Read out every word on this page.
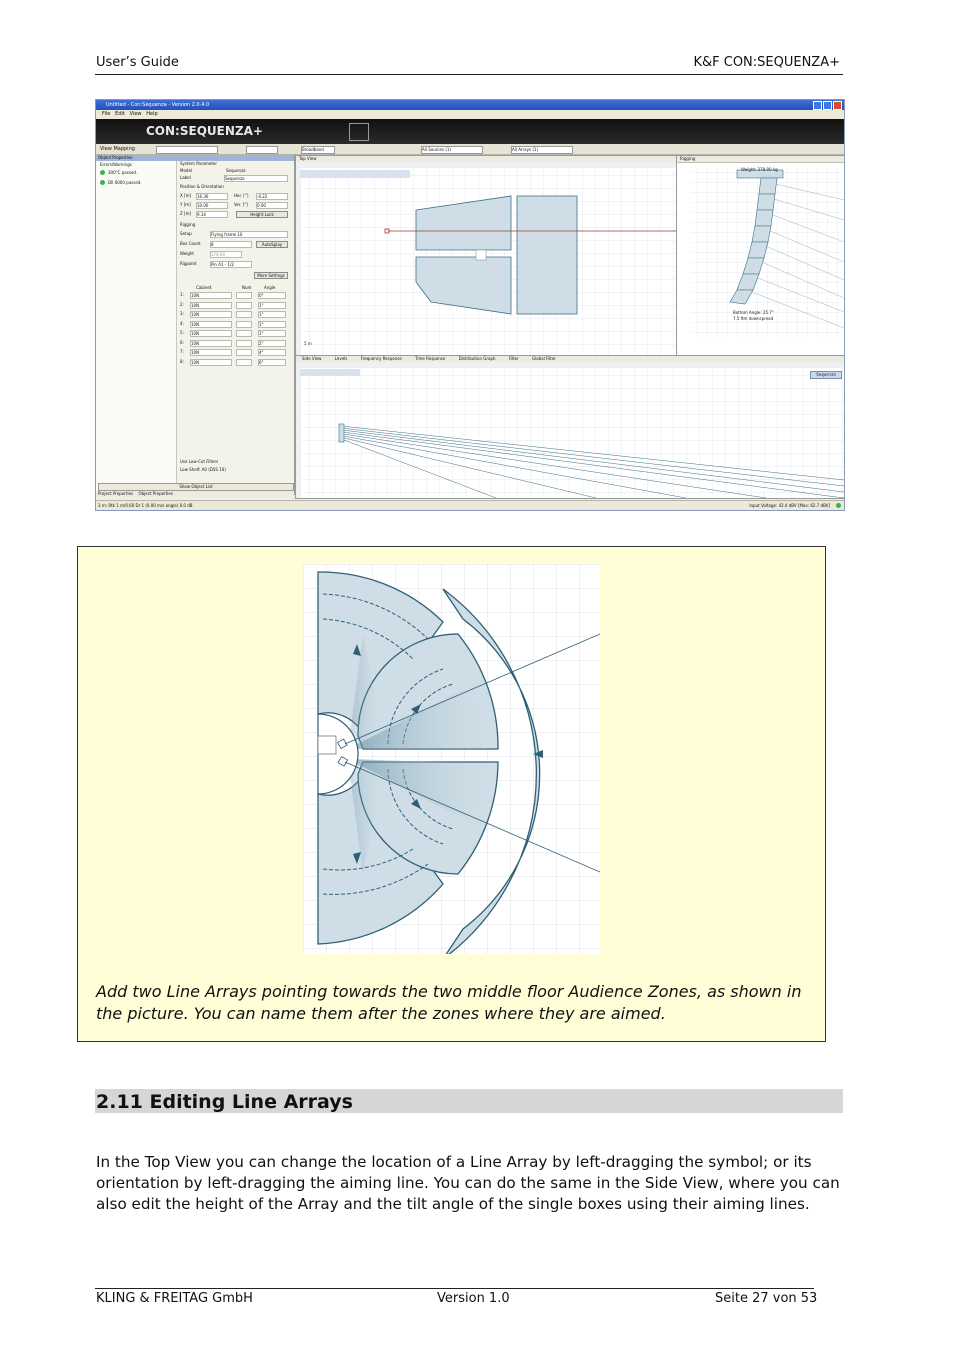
User’s Guide	K&F CON:SEQUENZA+
Untitled - Con:Sequenza - Version 2.0.4.0
File Edit View Help
CON:SEQUENZA+
View Mapping	Broadband	All Sources (1)	All Arrays (1)
Object Properties
Errors/Warnings
300°C passed.
DII 0000 passed.
System Parameter
Model	Sequenza
Label	Sequenza
Position & Orientation
X [m] 16.36	Hor. [°] -0.22
Y [m] 10.00	Ver. [°] 0.00
Z [m] 9.14	Height Lock
Rigging
Setup	Flying frame 10
Box Count	8	AutoSplay
Weight	378.00
Rigpoint	Pin A1 - 1/2
More Settings
Cabinet	Num	Angle
1: 10N	0°
2: 10N	1°
3: 10N	1°
4: 10N	1°
5: 10N	1°
6: 10N	2°
7: 10N	4°
8: 10N	6°
Use Low-Cut Filters
Low Shelf: A0 (DSS 10)
Show Object List
Project Properties Object Properties
Top View
5 m
Rigging
Weight: 378.00 kg
Bottom Angle: 25.7°
7.5 ftm downspread
Side View	Levels	Frequency Response	Time Response	Distribution Graph	Filter	Global Filter
3 m: Rtk 1 m/0.60 Dr 1 (0.00 m/s angle) 0.0 dB	Input Voltage: 42.4 dBV [Max: 62.7 dBV]
Add two Line Arrays pointing towards the two middle floor Audience Zones, as shown in the picture. You can name them after the zones where they are aimed.
2.11 Editing Line Arrays

In the Top View you can change the location of a Line Array by left-dragging the symbol; or its orientation by left-dragging the aiming line. You can do the same in the Side View, where you can also edit the height of the Array and the tilt angle of the single boxes using their aiming lines.

KLING & FREITAG GmbH	Version 1.0	Seite 27 von 53
